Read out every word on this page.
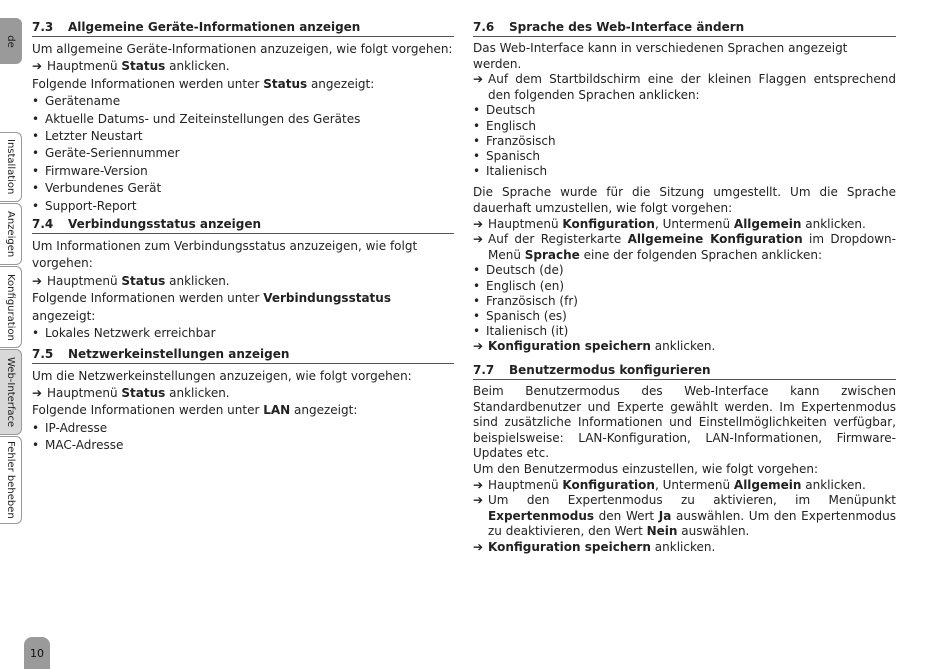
de
Installation
Anzeigen
Konfiguration
Web-Interface
Fehler beheben
10
7.3 Allgemeine Geräte-Informationen anzeigen

Um allgemeine Geräte-Informationen anzuzeigen, wie folgt vorgehen:

➔ Hauptmenü Status anklicken.

Folgende Informationen werden unter Status angezeigt:

• Gerätename
• Aktuelle Datums- und Zeiteinstellungen des Gerätes
• Letzter Neustart
• Geräte-Seriennummer
• Firmware-Version
• Verbundenes Gerät
• Support-Report
7.4 Verbindungsstatus anzeigen

Um Informationen zum Verbindungsstatus anzuzeigen, wie folgt vorgehen:

➔ Hauptmenü Status anklicken.

Folgende Informationen werden unter Verbindungsstatus angezeigt:

• Lokales Netzwerk erreichbar
7.5 Netzwerkeinstellungen anzeigen

Um die Netzwerkeinstellungen anzuzeigen, wie folgt vorgehen:

➔ Hauptmenü Status anklicken.

Folgende Informationen werden unter LAN angezeigt:

• IP-Adresse
• MAC-Adresse
7.6 Sprache des Web-Interface ändern

Das Web-Interface kann in verschiedenen Sprachen angezeigt werden.

➔ Auf dem Startbildschirm eine der kleinen Flaggen entsprechend den folgenden Sprachen anklicken:
• Deutsch
• Englisch
• Französisch
• Spanisch
• Italienisch

Die Sprache wurde für die Sitzung umgestellt. Um die Sprache dauerhaft umzustellen, wie folgt vorgehen:

➔ Hauptmenü Konfiguration, Untermenü Allgemein anklicken.
➔ Auf der Registerkarte Allgemeine Konfiguration im Dropdown-Menü Sprache eine der folgenden Sprachen anklicken:
• Deutsch (de)
• Englisch (en)
• Französisch (fr)
• Spanisch (es)
• Italienisch (it)
➔ Konfiguration speichern anklicken.
7.7 Benutzermodus konfigurieren

Beim Benutzermodus des Web-Interface kann zwischen Standardbenutzer und Experte gewählt werden. Im Expertenmodus sind zusätzliche Informationen und Einstellmöglichkeiten verfügbar, beispielsweise: LAN-Konfiguration, LAN-Informationen, Firmware-Updates etc.

Um den Benutzermodus einzustellen, wie folgt vorgehen:

➔ Hauptmenü Konfiguration, Untermenü Allgemein anklicken.
➔ Um den Expertenmodus zu aktivieren, im Menüpunkt Expertenmodus den Wert Ja auswählen. Um den Expertenmodus zu deaktivieren, den Wert Nein auswählen.
➔ Konfiguration speichern anklicken.
